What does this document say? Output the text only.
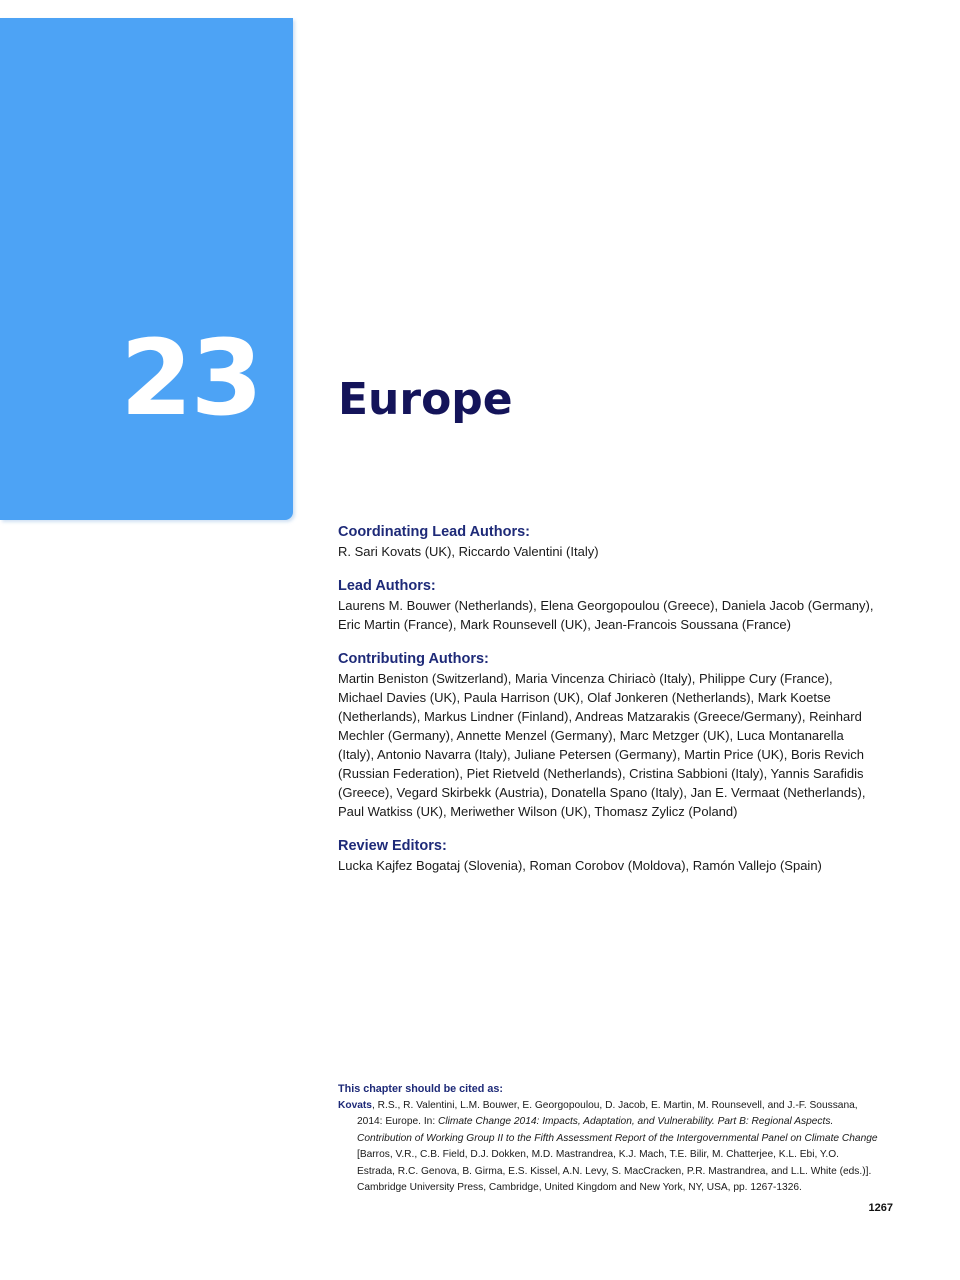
23 Europe

Coordinating Lead Authors:

R. Sari Kovats (UK), Riccardo Valentini (Italy)

Lead Authors:

Laurens M. Bouwer (Netherlands), Elena Georgopoulou (Greece), Daniela Jacob (Germany), Eric Martin (France), Mark Rounsevell (UK), Jean-Francois Soussana (France)

Contributing Authors:

Martin Beniston (Switzerland), Maria Vincenza Chiriacò (Italy), Philippe Cury (France), Michael Davies (UK), Paula Harrison (UK), Olaf Jonkeren (Netherlands), Mark Koetse (Netherlands), Markus Lindner (Finland), Andreas Matzarakis (Greece/Germany), Reinhard Mechler (Germany), Annette Menzel (Germany), Marc Metzger (UK), Luca Montanarella (Italy), Antonio Navarra (Italy), Juliane Petersen (Germany), Martin Price (UK), Boris Revich (Russian Federation), Piet Rietveld (Netherlands), Cristina Sabbioni (Italy), Yannis Sarafidis (Greece), Vegard Skirbekk (Austria), Donatella Spano (Italy), Jan E. Vermaat (Netherlands), Paul Watkiss (UK), Meriwether Wilson (UK), Thomasz Zylicz (Poland)

Review Editors:

Lucka Kajfez Bogataj (Slovenia), Roman Corobov (Moldova), Ramón Vallejo (Spain)

This chapter should be cited as:

Kovats, R.S., R. Valentini, L.M. Bouwer, E. Georgopoulou, D. Jacob, E. Martin, M. Rounsevell, and J.-F. Soussana, 2014: Europe. In: Climate Change 2014: Impacts, Adaptation, and Vulnerability. Part B: Regional Aspects. Contribution of Working Group II to the Fifth Assessment Report of the Intergovernmental Panel on Climate Change [Barros, V.R., C.B. Field, D.J. Dokken, M.D. Mastrandrea, K.J. Mach, T.E. Bilir, M. Chatterjee, K.L. Ebi, Y.O. Estrada, R.C. Genova, B. Girma, E.S. Kissel, A.N. Levy, S. MacCracken, P.R. Mastrandrea, and L.L. White (eds.)]. Cambridge University Press, Cambridge, United Kingdom and New York, NY, USA, pp. 1267-1326.

1267
